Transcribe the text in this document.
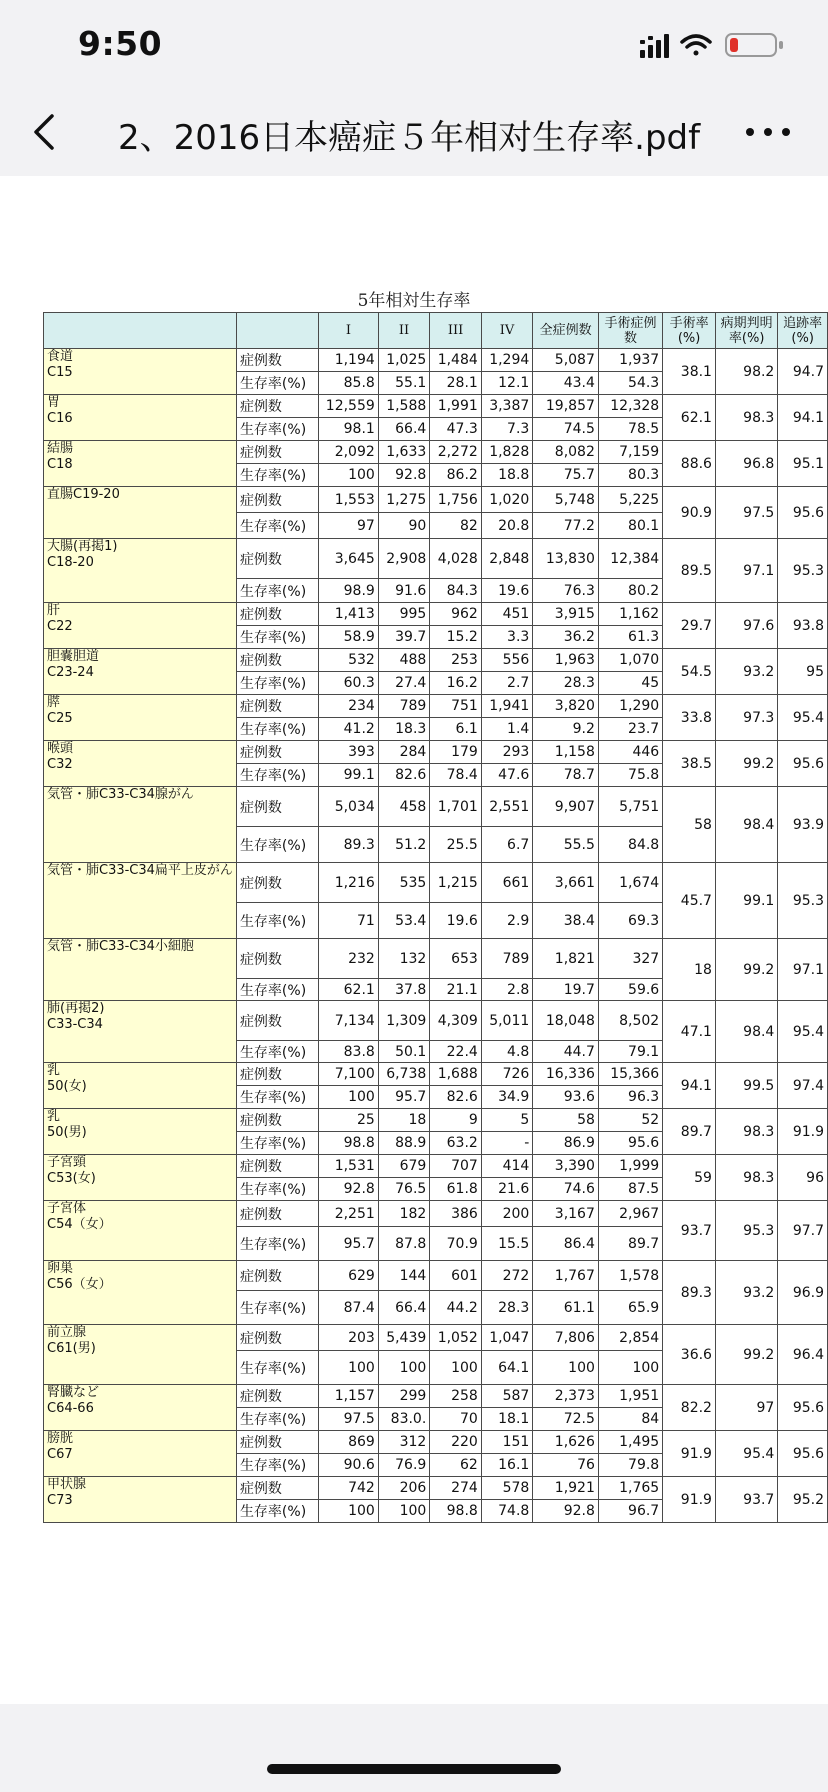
9:50
2、2016日本癌症５年相对生存率.pdf
5年相対生存率
		I	II	III	IV	全症例数	手術症例数	手術率(%)	病期判明率(%)	追跡率(%)
食道
C15	症例数	1,194	1,025	1,484	1,294	5,087	1,937	38.1	98.2	94.7
	生存率(%)	85.8	55.1	28.1	12.1	43.4	54.3			
胃
C16	症例数	12,559	1,588	1,991	3,387	19,857	12,328	62.1	98.3	94.1
	生存率(%)	98.1	66.4	47.3	7.3	74.5	78.5			
結腸
C18	症例数	2,092	1,633	2,272	1,828	8,082	7,159	88.6	96.8	95.1
	生存率(%)	100	92.8	86.2	18.8	75.7	80.3			
直腸C19-20	症例数	1,553	1,275	1,756	1,020	5,748	5,225	90.9	97.5	95.6
	生存率(%)	97	90	82	20.8	77.2	80.1			
大腸(再掲1)
C18-20	症例数	3,645	2,908	4,028	2,848	13,830	12,384	89.5	97.1	95.3
	生存率(%)	98.9	91.6	84.3	19.6	76.3	80.2			
肝
C22	症例数	1,413	995	962	451	3,915	1,162	29.7	97.6	93.8
	生存率(%)	58.9	39.7	15.2	3.3	36.2	61.3			
胆嚢胆道
C23-24	症例数	532	488	253	556	1,963	1,070	54.5	93.2	95
	生存率(%)	60.3	27.4	16.2	2.7	28.3	45			
膵
C25	症例数	234	789	751	1,941	3,820	1,290	33.8	97.3	95.4
	生存率(%)	41.2	18.3	6.1	1.4	9.2	23.7			
喉頭
C32	症例数	393	284	179	293	1,158	446	38.5	99.2	95.6
	生存率(%)	99.1	82.6	78.4	47.6	78.7	75.8			
気管・肺C33-C34腺がん	症例数	5,034	458	1,701	2,551	9,907	5,751	58	98.4	93.9
	生存率(%)	89.3	51.2	25.5	6.7	55.5	84.8			
気管・肺C33-C34扁平上皮がん	症例数	1,216	535	1,215	661	3,661	1,674	45.7	99.1	95.3
	生存率(%)	71	53.4	19.6	2.9	38.4	69.3			
気管・肺C33-C34小細胞	症例数	232	132	653	789	1,821	327	18	99.2	97.1
	生存率(%)	62.1	37.8	21.1	2.8	19.7	59.6			
肺(再掲2)
C33-C34	症例数	7,134	1,309	4,309	5,011	18,048	8,502	47.1	98.4	95.4
	生存率(%)	83.8	50.1	22.4	4.8	44.7	79.1			
乳
50(女)	症例数	7,100	6,738	1,688	726	16,336	15,366	94.1	99.5	97.4
	生存率(%)	100	95.7	82.6	34.9	93.6	96.3			
乳
50(男)	症例数	25	18	9	5	58	52	89.7	98.3	91.9
	生存率(%)	98.8	88.9	63.2	-	86.9	95.6			
子宮頸
C53(女)	症例数	1,531	679	707	414	3,390	1,999	59	98.3	96
	生存率(%)	92.8	76.5	61.8	21.6	74.6	87.5			
子宮体
C54（女）	症例数	2,251	182	386	200	3,167	2,967	93.7	95.3	97.7
	生存率(%)	95.7	87.8	70.9	15.5	86.4	89.7			
卵巣
C56（女）	症例数	629	144	601	272	1,767	1,578	89.3	93.2	96.9
	生存率(%)	87.4	66.4	44.2	28.3	61.1	65.9			
前立腺
C61(男)	症例数	203	5,439	1,052	1,047	7,806	2,854	36.6	99.2	96.4
	生存率(%)	100	100	100	64.1	100	100			
腎臓など
C64-66	症例数	1,157	299	258	587	2,373	1,951	82.2	97	95.6
	生存率(%)	97.5	83.0.	70	18.1	72.5	84			
膀胱
C67	症例数	869	312	220	151	1,626	1,495	91.9	95.4	95.6
	生存率(%)	90.6	76.9	62	16.1	76	79.8			
甲状腺
C73	症例数	742	206	274	578	1,921	1,765	91.9	93.7	95.2
	生存率(%)	100	100	98.8	74.8	92.8	96.7			
